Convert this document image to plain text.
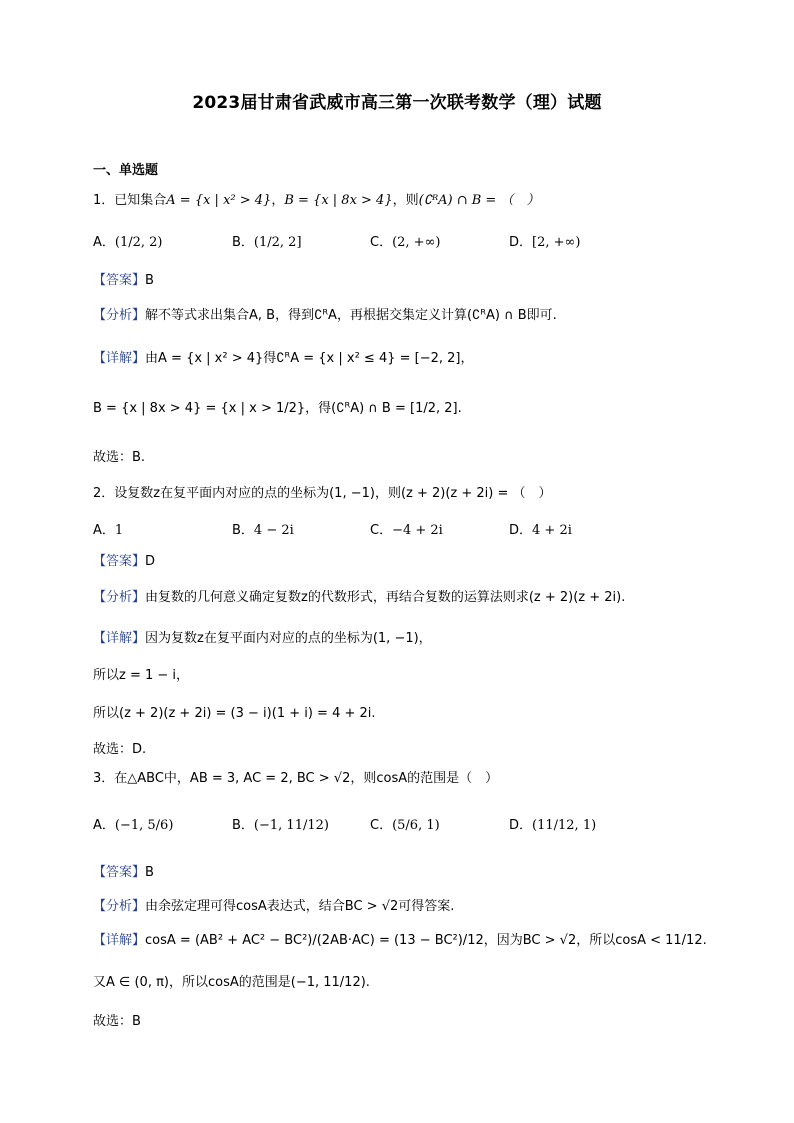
2023届甘肃省武威市高三第一次联考数学（理）试题
一、单选题
1．已知集合A = {x | x² > 4}，B = {x | 8x > 4}，则(∁ᴿA) ∩ B = （　）
A．(1/2, 2)	B．(1/2, 2]	C．(2, +∞)	D．[2, +∞)
【答案】B
【分析】解不等式求出集合A, B，得到∁ᴿA，再根据交集定义计算(∁ᴿA) ∩ B即可.
【详解】由A = {x | x² > 4}得∁ᴿA = {x | x² ≤ 4} = [−2, 2]，
B = {x | 8x > 4} = {x | x > 1/2}，得(∁ᴿA) ∩ B = [1/2, 2].
故选：B.
2．设复数z在复平面内对应的点的坐标为(1, −1)，则(z + 2)(z + 2i) = （　）
A．1	B．4 − 2i	C．−4 + 2i	D．4 + 2i
【答案】D
【分析】由复数的几何意义确定复数z的代数形式，再结合复数的运算法则求(z + 2)(z + 2i).
【详解】因为复数z在复平面内对应的点的坐标为(1, −1)，
所以z = 1 − i，
所以(z + 2)(z + 2i) = (3 − i)(1 + i) = 4 + 2i.
故选：D.
3．在△ABC中，AB = 3, AC = 2, BC > √2，则cosA的范围是（　）
A．(−1, 5/6)	B．(−1, 11/12)	C．(5/6, 1)	D．(11/12, 1)
【答案】B
【分析】由余弦定理可得cosA表达式，结合BC > √2可得答案.
【详解】cosA = (AB² + AC² − BC²)/(2AB·AC) = (13 − BC²)/12，因为BC > √2，所以cosA < 11/12.
又A ∈ (0, π)，所以cosA的范围是(−1, 11/12).
故选：B
